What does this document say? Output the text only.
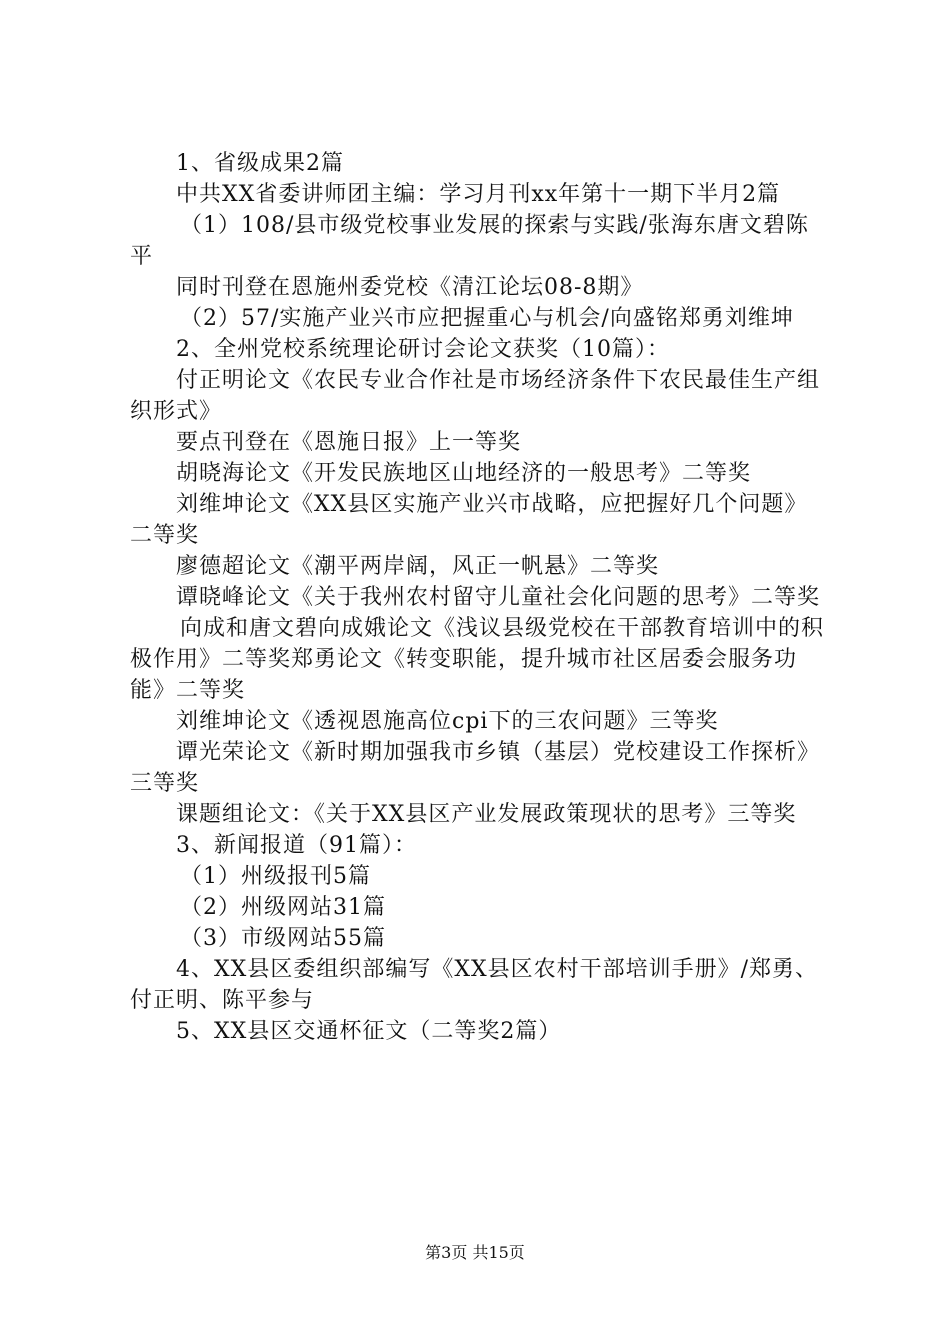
1、省级成果2篇

中共XX省委讲师团主编：学习月刊xx年第十一期下半月2篇

（1）108/县市级党校事业发展的探索与实践/张海东唐文碧陈平

同时刊登在恩施州委党校《清江论坛08-8期》

（2）57/实施产业兴市应把握重心与机会/向盛铭郑勇刘维坤

2、全州党校系统理论研讨会论文获奖（10篇）：

付正明论文《农民专业合作社是市场经济条件下农民最佳生产组织形式》

要点刊登在《恩施日报》上一等奖

胡晓海论文《开发民族地区山地经济的一般思考》二等奖

刘维坤论文《XX县区实施产业兴市战略，应把握好几个问题》二等奖

廖德超论文《潮平两岸阔，风正一帆悬》二等奖

谭晓峰论文《关于我州农村留守儿童社会化问题的思考》二等奖

向成和唐文碧向成娥论文《浅议县级党校在干部教育培训中的积极作用》二等奖郑勇论文《转变职能，提升城市社区居委会服务功能》二等奖

刘维坤论文《透视恩施高位cpi下的三农问题》三等奖

谭光荣论文《新时期加强我市乡镇（基层）党校建设工作探析》三等奖

课题组论文：《关于XX县区产业发展政策现状的思考》三等奖

3、新闻报道（91篇）：

（1）州级报刊5篇

（2）州级网站31篇

（3）市级网站55篇

4、XX县区委组织部编写《XX县区农村干部培训手册》/郑勇、付正明、陈平参与

5、XX县区交通杯征文（二等奖2篇）

第3页 共15页
